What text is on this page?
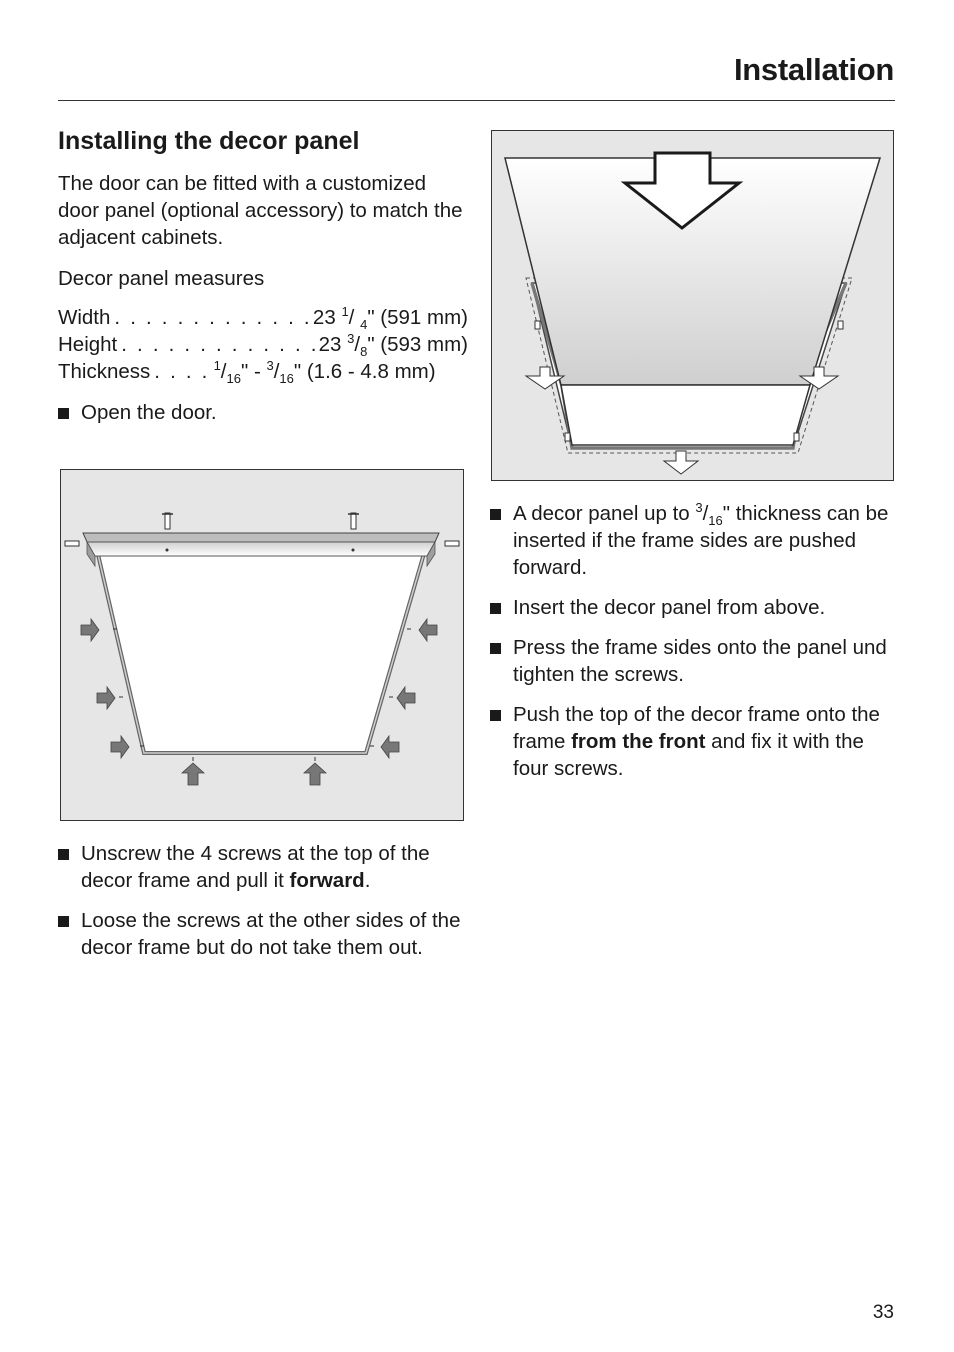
Installation
Installing the decor panel

The door can be fitted with a customized door panel (optional accessory) to match the adjacent cabinets.

Decor panel measures

Width . . . . . . . . . . . . . 23 $^1$/ $_4$" (591 mm)
Height . . . . . . . . . . . . . 23 $^3/_8$" (593 mm)
Thickness . . . . $^1/_{16}$" - $^3/_{16}$" (1.6 - 4.8 mm)
Open the door.
Unscrew the 4 screws at the top of the decor frame and pull it forward.
Loose the screws at the other sides of the decor frame but do not take them out.
A decor panel up to $^3/_{16}$" thickness can be inserted if the frame sides are pushed forward.
Insert the decor panel from above.
Press the frame sides onto the panel und tighten the screws.
Push the top of the decor frame onto the frame from the front and fix it with the four screws.
33
